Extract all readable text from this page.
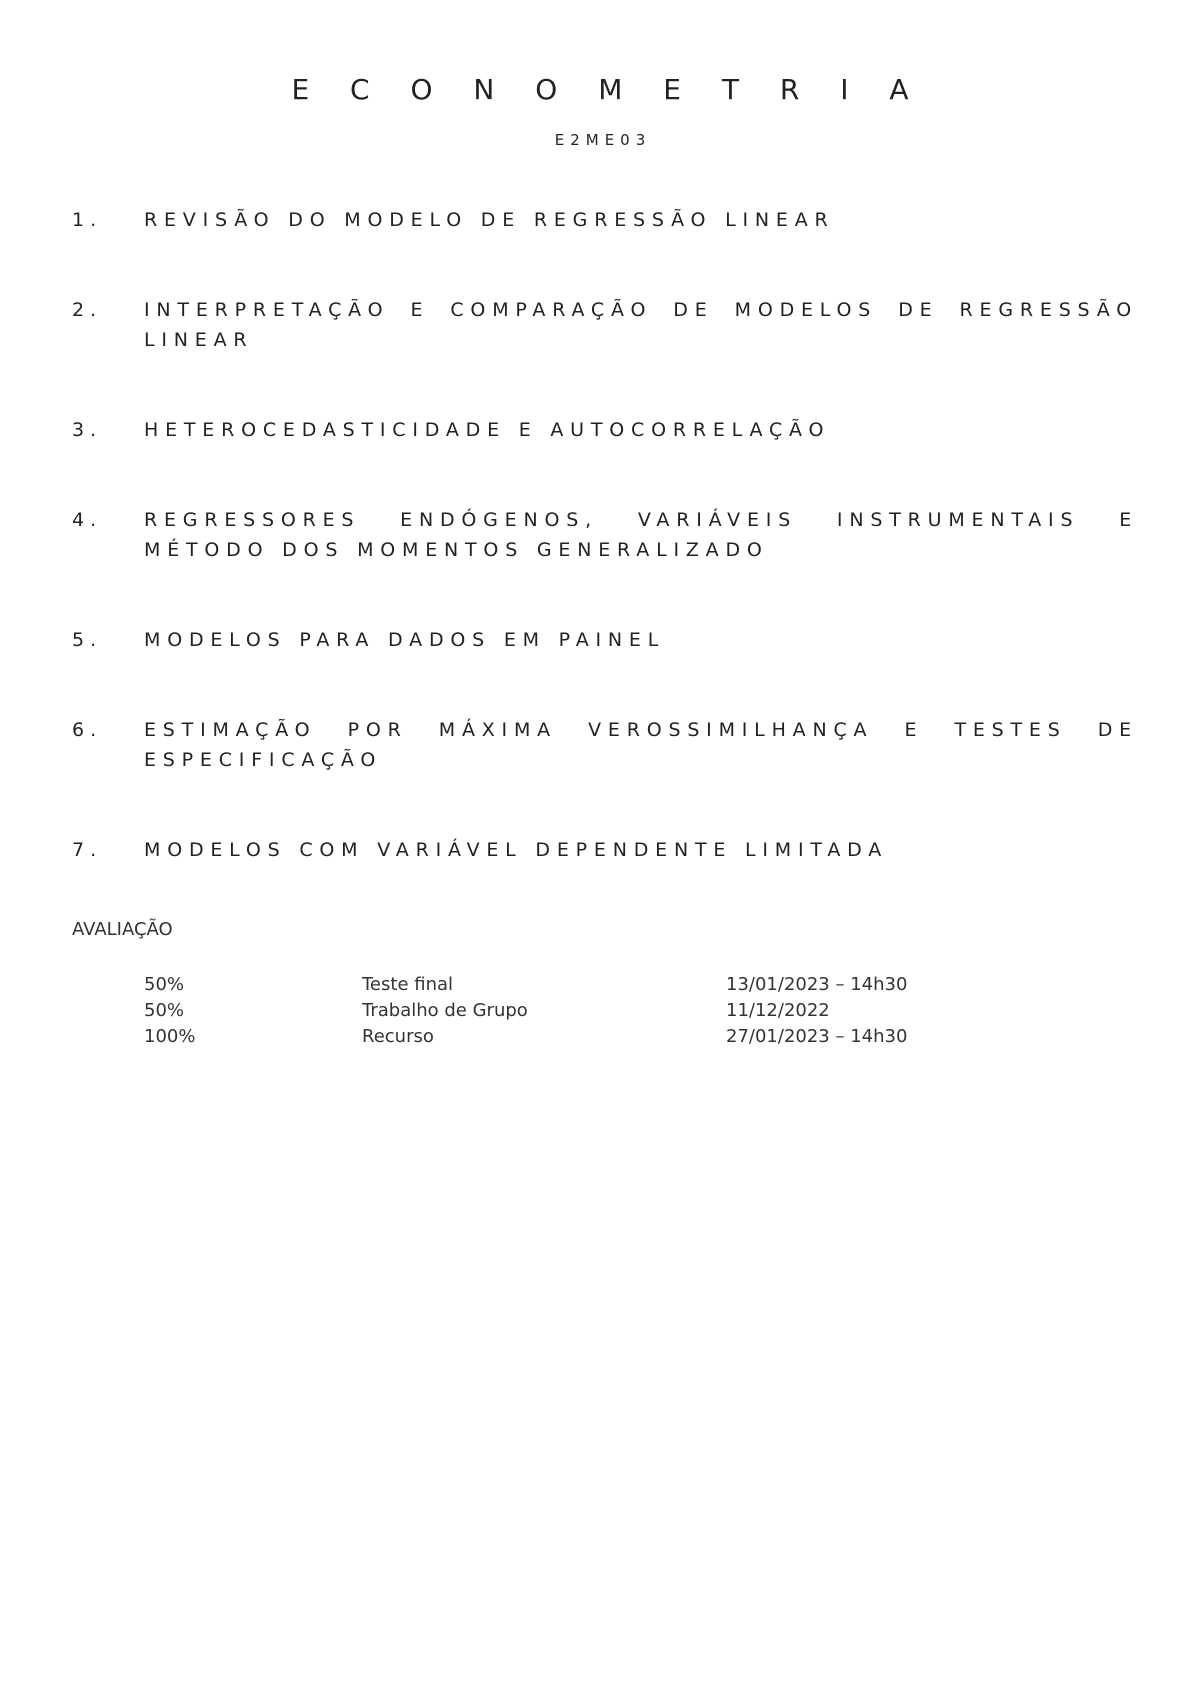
E C O N O M E T R I A

E2ME03

1.	REVISÃO DO MODELO DE REGRESSÃO LINEAR
2.	INTERPRETAÇÃO E COMPARAÇÃO DE MODELOS DE REGRESSÃO LINEAR
3.	HETEROCEDASTICIDADE E AUTOCORRELAÇÃO
4.	REGRESSORES ENDÓGENOS, VARIÁVEIS INSTRUMENTAIS E MÉTODO DOS MOMENTOS GENERALIZADO
5.	MODELOS PARA DADOS EM PAINEL
6.	ESTIMAÇÃO POR MÁXIMA VEROSSIMILHANÇA E TESTES DE ESPECIFICAÇÃO
7.	MODELOS COM VARIÁVEL DEPENDENTE LIMITADA
AVALIAÇÃO
50%	Teste final	13/01/2023 – 14h30
50%	Trabalho de Grupo	11/12/2022
100%	Recurso	27/01/2023 – 14h30
